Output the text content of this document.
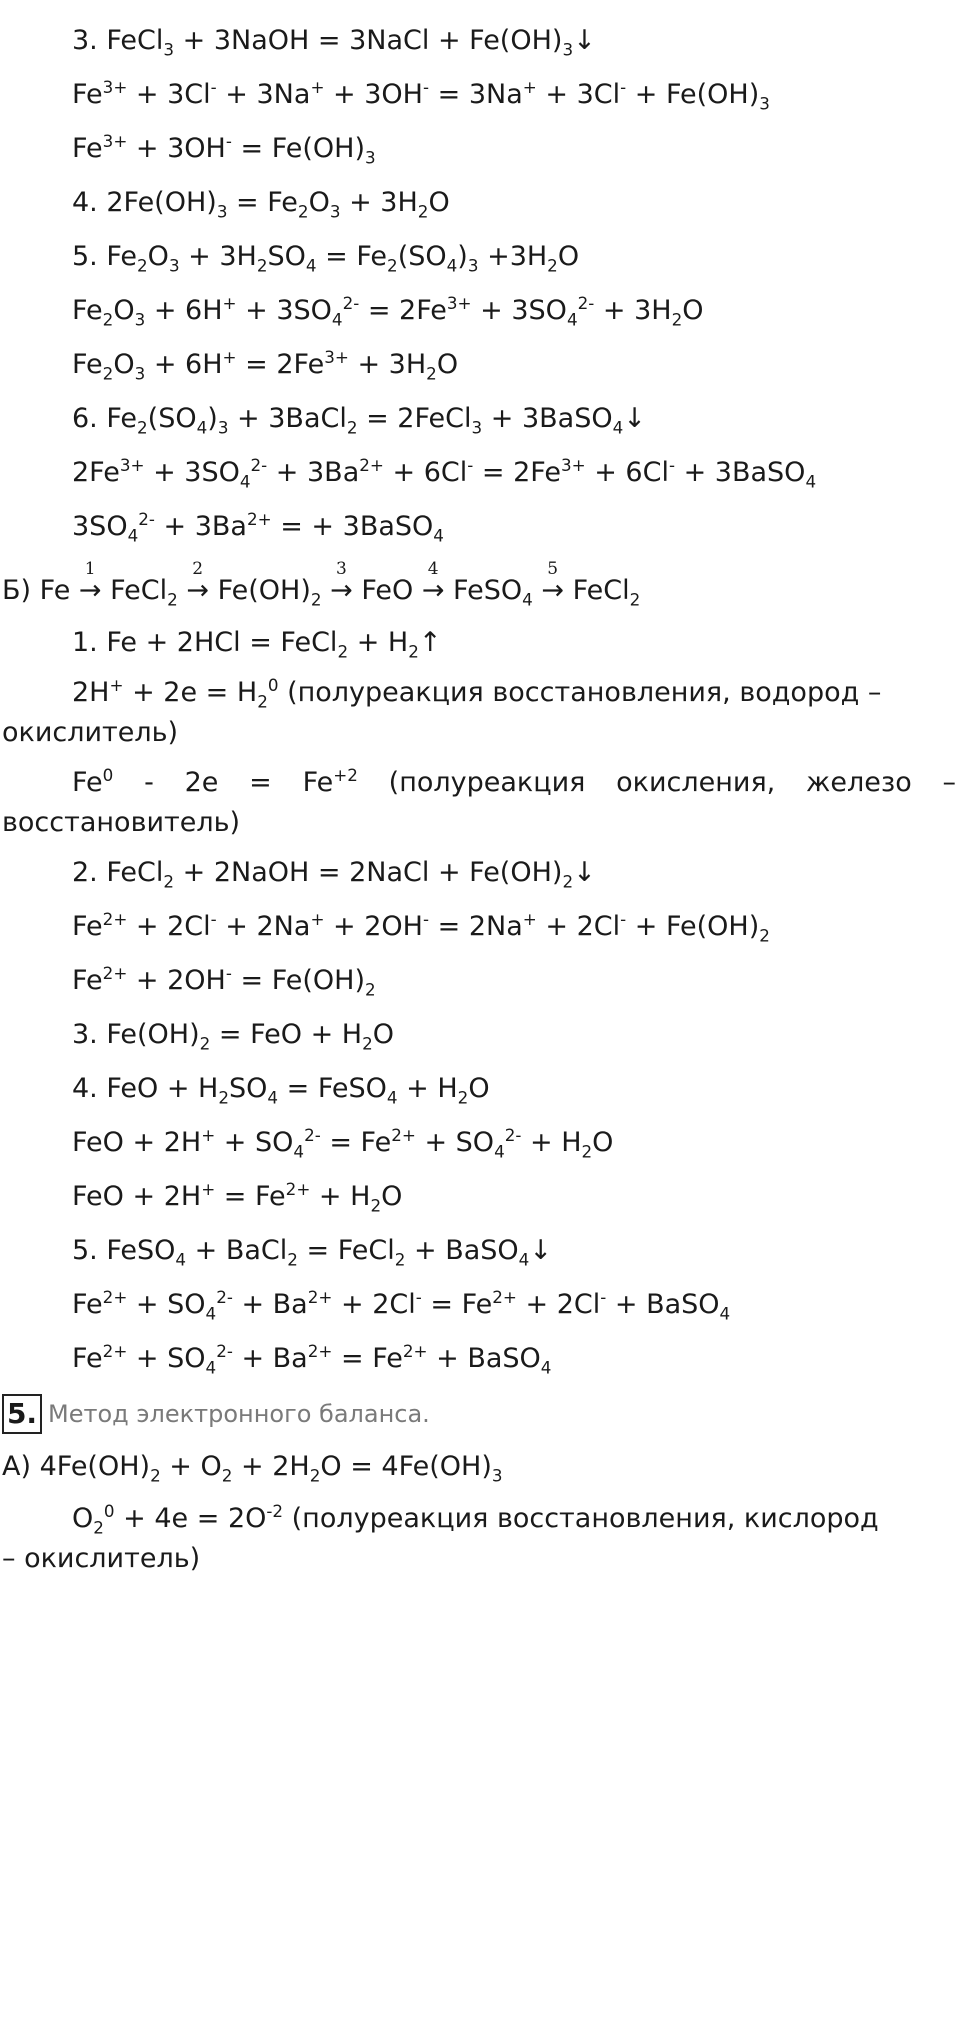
3. FeCl$_3$ + 3NaOH = 3NaCl + $Fe(OH)_3↓$
$Fe^{3+} + 3Cl^- + 3Na^+ + 3OH^- = 3Na^+ + 3Cl^- + Fe(OH)_3$
$Fe^{3+} + 3OH^- = Fe(OH)_3$
4. $2Fe(OH)_3 = Fe_2O_3 + 3H_2O$
5. $Fe_2O_3 + 3H_2SO_4 = Fe_2(SO_4)_3 +3H_2O$
$Fe_2O_3 + 6H^+ + 3SO_4^{2-} = 2Fe^{3+} + 3SO_4^{2-} + 3H_2O$
$Fe_2O_3 + 6H^+ = 2Fe^{3+} + 3H_2O$
6. $Fe_2(SO_4)_3$ + 3BaCl$_2$ = 2FeCl$_3$ + 3BaSO$_4$↓
$2Fe^{3+} + 3SO_4^{2-} + 3Ba^{2+} + 6Cl^- = 2Fe^{3+} + 6Cl^-$ + 3BaSO$_4$
$3SO_4^{2-} + 3Ba^{2+}$ = + 3BaSO$_4$
Б) Fe →
1
FeCl$_2$ →
2
$Fe(OH)_2$ →
3
FeO →
4
FeSO$_4$ →
5
FeCl$_2$
1. Fe + 2HCl = FeCl$_2$ + $H_2↑$
$2H^+ + 2e = H_2^0$ (полуреакция восстановления, водород –
окислитель)
$Fe^0 - 2e = Fe^{+2}$ (полуреакция окисления, железо –
восстановитель)
2. FeCl$_2$ + 2NaOH = 2NaCl + $Fe(OH)_2↓$
$Fe^{2+} + 2Cl^- + 2Na^+ + 2OH^- = 2Na^+ + 2Cl^- + Fe(OH)_2$
$Fe^{2+} + 2OH^- = Fe(OH)_2$
3. $Fe(OH)_2$ = FeO + $H_2O$
4. FeO + $H_2SO_4$ = FeSO$_4$ + $H_2O$
FeO + $2H^+ + SO_4^{2-} = Fe^{2+} + SO_4^{2-} + H_2O$
FeO + $2H^+ = Fe^{2+} + H_2O$
5. FeSO$_4$ + BaCl$_2$ = FeCl$_2$ + BaSO$_4$↓
$Fe^{2+} + SO_4^{2-} + Ba^{2+} + 2Cl^- = Fe^{2+} + 2Cl^-$ + BaSO$_4$
$Fe^{2+} + SO_4^{2-} + Ba^{2+} = Fe^{2+}$ + BaSO$_4$
5. Метод электронного баланса.
А) $4Fe(OH)_2 + O_2 + 2H_2O = 4Fe(OH)_3$
$O_2^0 + 4e = 2O^{-2}$ (полуреакция восстановления, кислород
– окислитель)
